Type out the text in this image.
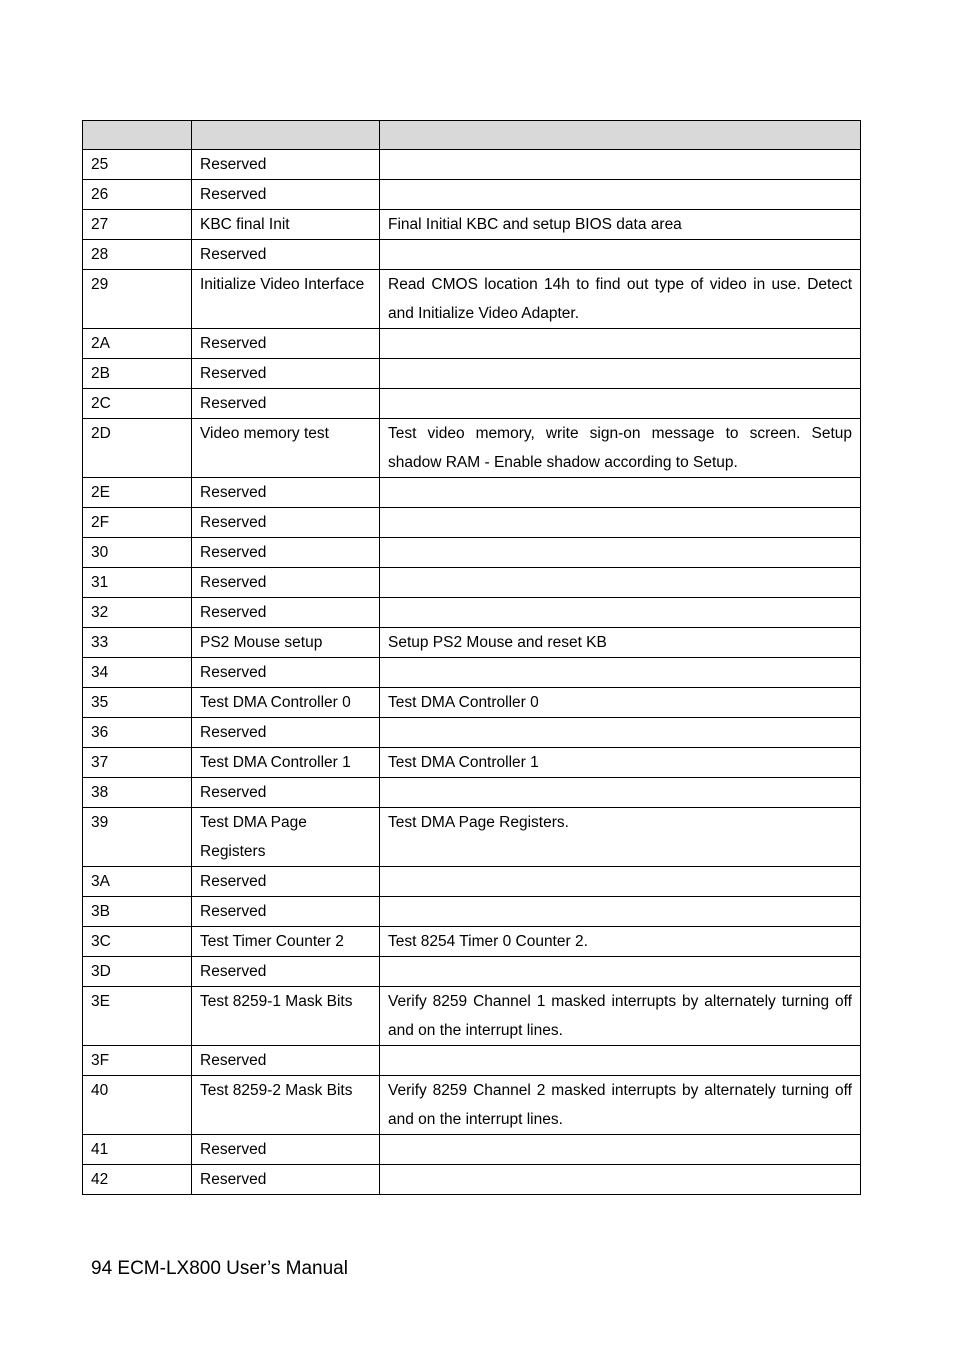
25	Reserved	
26	Reserved	
27	KBC final Init	Final Initial KBC and setup BIOS data area
28	Reserved	
29	Initialize Video Interface	Read CMOS location 14h to find out type of video in use. Detect and Initialize Video Adapter.
2A	Reserved	
2B	Reserved	
2C	Reserved	
2D	Video memory test	Test video memory, write sign-on message to screen. Setup shadow RAM - Enable shadow according to Setup.
2E	Reserved	
2F	Reserved	
30	Reserved	
31	Reserved	
32	Reserved	
33	PS2 Mouse setup	Setup PS2 Mouse and reset KB
34	Reserved	
35	Test DMA Controller 0	Test DMA Controller 0
36	Reserved	
37	Test DMA Controller 1	Test DMA Controller 1
38	Reserved	
39	Test DMA Page Registers	Test DMA Page Registers.
3A	Reserved	
3B	Reserved	
3C	Test Timer Counter 2	Test 8254 Timer 0 Counter 2.
3D	Reserved	
3E	Test 8259-1 Mask Bits	Verify 8259 Channel 1 masked interrupts by alternately turning off and on the interrupt lines.
3F	Reserved	
40	Test 8259-2 Mask Bits	Verify 8259 Channel 2 masked interrupts by alternately turning off and on the interrupt lines.
41	Reserved	
42	Reserved	
94 ECM-LX800 User’s Manual
